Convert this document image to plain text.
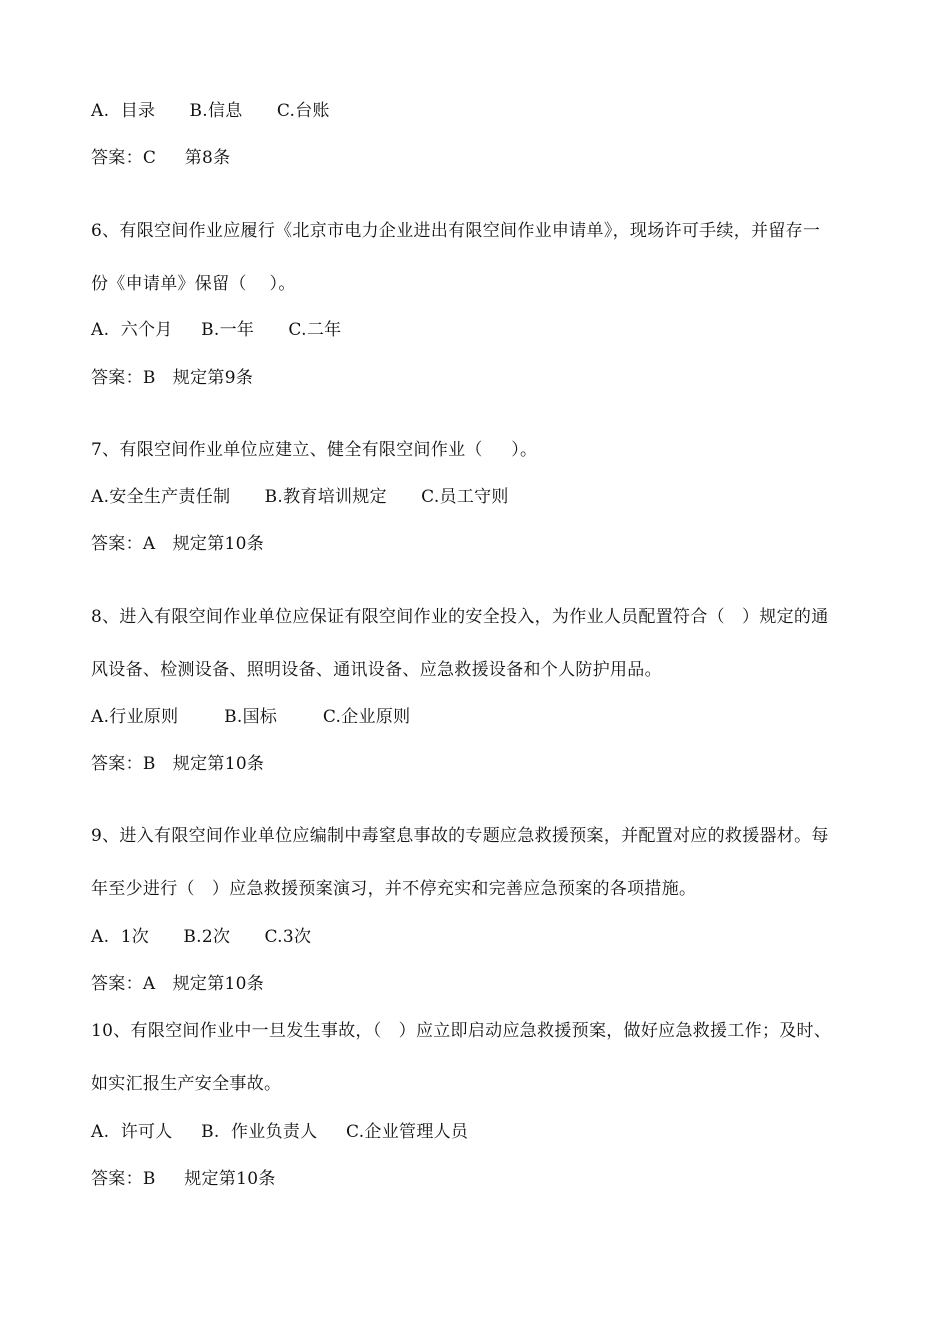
A.  目录      B.信息      C.台账
答案：C     第8条
6、有限空间作业应履行《北京市电力企业进出有限空间作业申请单》，现场许可手续，并留存一
份《申请单》保留（    ）。
A.  六个月     B.一年      C.二年
答案：B   规定第9条
7、有限空间作业单位应建立、健全有限空间作业（     ）。
A.安全生产责任制      B.教育培训规定      C.员工守则
答案：A   规定第10条
8、进入有限空间作业单位应保证有限空间作业的安全投入，为作业人员配置符合（   ）规定的通
风设备、检测设备、照明设备、通讯设备、应急救援设备和个人防护用品。
A.行业原则        B.国标        C.企业原则
答案：B   规定第10条
9、进入有限空间作业单位应编制中毒窒息事故的专题应急救援预案，并配置对应的救援器材。每
年至少进行（   ）应急救援预案演习，并不停充实和完善应急预案的各项措施。
A.  1次      B.2次      C.3次
答案：A   规定第10条
10、有限空间作业中一旦发生事故，（   ）应立即启动应急救援预案，做好应急救援工作；及时、
如实汇报生产安全事故。
A.  许可人     B.  作业负责人     C.企业管理人员
答案：B     规定第10条
